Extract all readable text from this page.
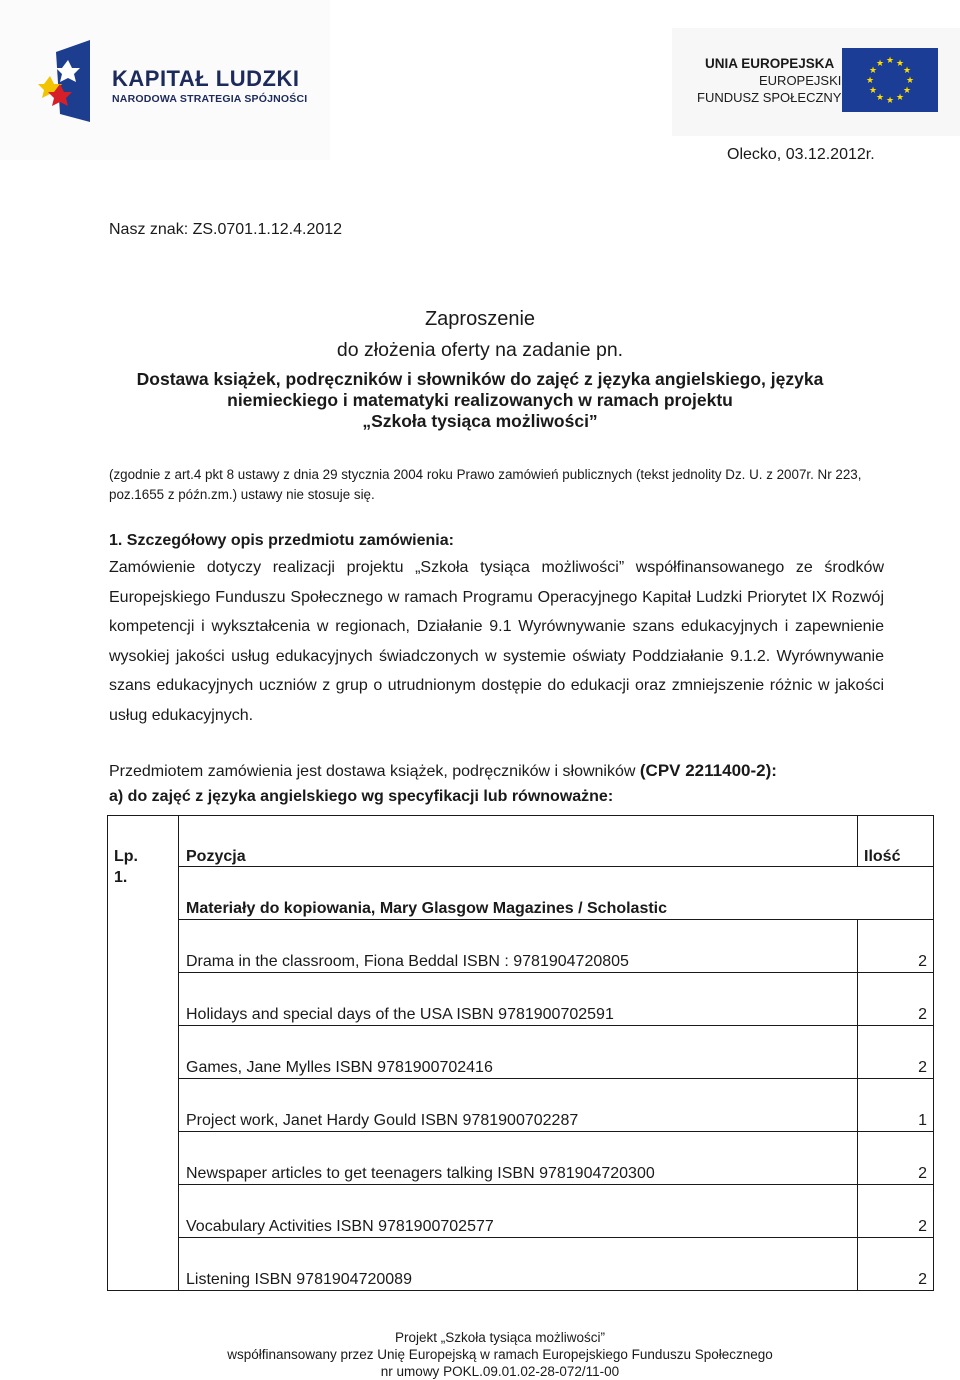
KAPITAŁ LUDZKI
NARODOWA STRATEGIA SPÓJNOŚCI
UNIA EUROPEJSKA
EUROPEJSKI
FUNDUSZ SPOŁECZNY
★ ★
★
★
★
★
★
★
★
★
★
★
Olecko, 03.12.2012r.
Nasz znak: ZS.0701.1.12.4.2012
Zaproszenie
do złożenia oferty na zadanie pn.
Dostawa książek, podręczników i słowników do zajęć z języka angielskiego, języka
niemieckiego i matematyki realizowanych w ramach projektu
„Szkoła tysiąca możliwości”
(zgodnie z art.4 pkt 8 ustawy z dnia 29 stycznia 2004 roku Prawo zamówień publicznych (tekst jednolity Dz. U. z 2007r. Nr 223, poz.1655 z późn.zm.) ustawy nie stosuje się.
1. Szczegółowy opis przedmiotu zamówienia:
Zamówienie dotyczy realizacji projektu „Szkoła tysiąca możliwości” współfinansowanego ze środków Europejskiego Funduszu Społecznego w ramach Programu Operacyjnego Kapitał Ludzki Priorytet IX Rozwój kompetencji i wykształcenia w regionach, Działanie 9.1 Wyrównywanie szans edukacyjnych i zapewnienie wysokiej jakości usług edukacyjnych świadczonych w systemie oświaty Poddziałanie 9.1.2. Wyrównywanie szans edukacyjnych uczniów z grup o utrudnionym dostępie do edukacji oraz zmniejszenie różnic w jakości usług edukacyjnych.
Przedmiotem zamówienia jest dostawa książek, podręczników i słowników (CPV 2211400-2):
a) do zajęć z języka angielskiego wg specyfikacji lub równoważne:
Lp.	Pozycja	Ilość
1.
Materiały do kopiowania, Mary Glasgow Magazines / Scholastic
Drama in the classroom, Fiona Beddal ISBN : 9781904720805	2
Holidays and special days of the USA ISBN 9781900702591	2
Games, Jane Mylles ISBN 9781900702416	2
Project work, Janet Hardy Gould ISBN 9781900702287	1
Newspaper articles to get teenagers talking ISBN 9781904720300	2
Vocabulary Activities ISBN 9781900702577	2
Listening ISBN 9781904720089	2
Projekt „Szkoła tysiąca możliwości”
współfinansowany przez Unię Europejską w ramach Europejskiego Funduszu Społecznego
nr umowy POKL.09.01.02-28-072/11-00
